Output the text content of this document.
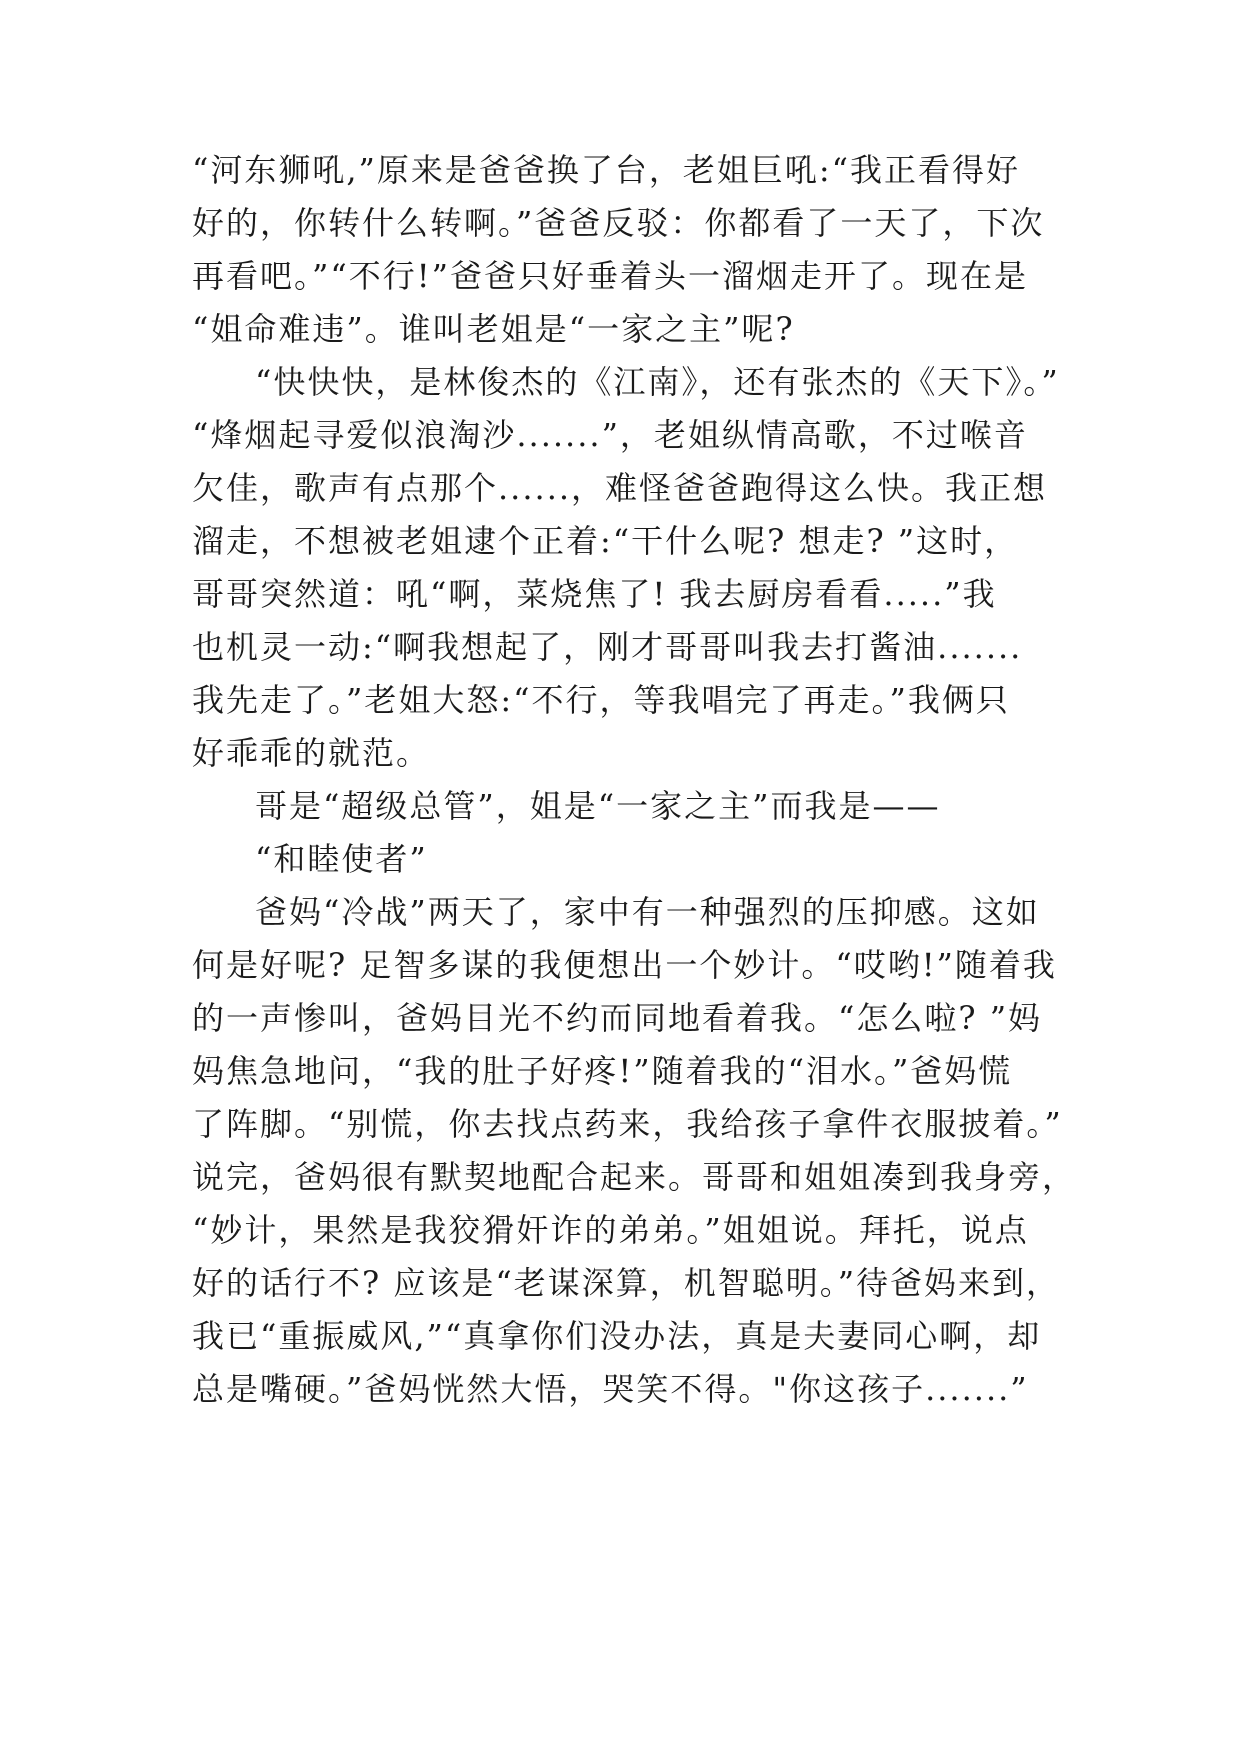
“河东狮吼,”原来是爸爸换了台，老姐巨吼:“我正看得好
好的，你转什么转啊。”爸爸反驳：你都看了一天了，下次
再看吧。”“不行!”爸爸只好垂着头一溜烟走开了。现在是
“姐命难违”。谁叫老姐是“一家之主”呢?
“快快快，是林俊杰的《江南》，还有张杰的《天下》。”
“烽烟起寻爱似浪淘沙.......”，老姐纵情高歌，不过喉音
欠佳，歌声有点那个......，难怪爸爸跑得这么快。我正想
溜走，不想被老姐逮个正着:“干什么呢? 想走? ”这时，
哥哥突然道：吼“啊，菜烧焦了! 我去厨房看看.....”我
也机灵一动:“啊我想起了，刚才哥哥叫我去打酱油.......
我先走了。”老姐大怒:“不行，等我唱完了再走。”我俩只
好乖乖的就范。
哥是“超级总管”，姐是“一家之主”而我是——
“和睦使者”
爸妈“冷战”两天了，家中有一种强烈的压抑感。这如
何是好呢? 足智多谋的我便想出一个妙计。“哎哟!”随着我
的一声惨叫，爸妈目光不约而同地看着我。“怎么啦? ”妈
妈焦急地问，“我的肚子好疼!”随着我的“泪水。”爸妈慌
了阵脚。“别慌，你去找点药来，我给孩子拿件衣服披着。”
说完，爸妈很有默契地配合起来。哥哥和姐姐凑到我身旁，
“妙计，果然是我狡猾奸诈的弟弟。”姐姐说。拜托，说点
好的话行不? 应该是“老谋深算，机智聪明。”待爸妈来到，
我已“重振威风,”“真拿你们没办法，真是夫妻同心啊，却
总是嘴硬。”爸妈恍然大悟，哭笑不得。"你这孩子.......”
